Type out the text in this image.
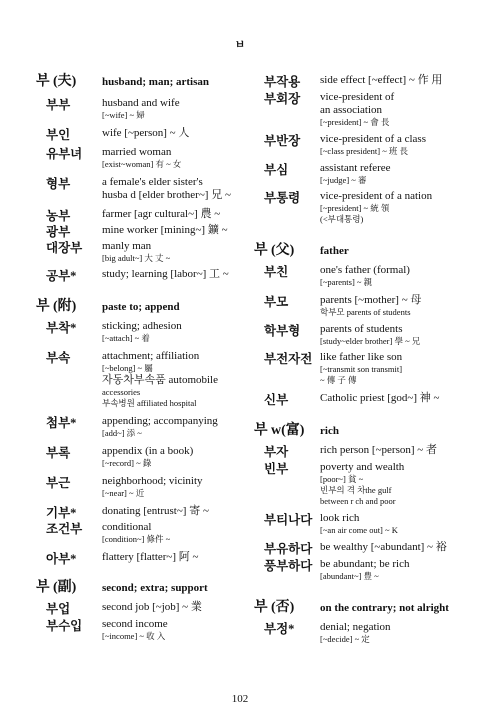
ㅂ
부 (夫)	husband; man; artisan
부부	husband and wife
[~wife] ~ 婦
부인	wife [~person] ~ 人
유부녀	married woman
[exist~woman] 有 ~ 女
형부	a female's elder sister's
husba d [elder brother~] 兄 ~
농부	farmer [agr cultural~] 農 ~
광부	mine worker [mining~] 鑛 ~
대장부	manly man
[big adult~] 大 丈 ~
공부*	study; learning [labor~] 工 ~
부 (附)	paste to; append
부착*	sticking; adhesion
[~attach] ~ 着
부속	attachment; affiliation
[~belong] ~ 屬
자동차부속품 automobile
accessories
부속병원 affiliated hospital
첨부*	appending; accompanying
[add~] 添 ~
부록	appendix (in a book)
[~record] ~ 錄
부근	neighborhood; vicinity
[~near] ~ 近
기부*	donating [entrust~] 寄 ~
조건부	conditional
[condition~] 條件 ~
아부*	flattery [flatter~] 阿 ~
부 (副)	second; extra; support
부업	second job [~job] ~ 業
부수입	second income
[~income] ~ 收 入
부작용	side effect [~effect] ~ 作 用
부회장	vice-president of
an association
[~president] ~ 會 長
부반장	vice-president of a class
[~class president] ~ 班 長
부심	assistant referee
[~judge] ~ 審
부통령	vice-president of a nation
[~president] ~ 統 領
(<부대통령)
부 (父)	father
부친	one's father (formal)
[~parents] ~ 親
부모	parents [~mother] ~ 母
학부모 parents of students
학부형	parents of students
[study~elder brother] 學 ~ 兄
부전자전 like father like son
[~transmit son transmit]
~ 傳 子 傳
신부	Catholic priest [god~] 神 ~
부 w(富)	rich
부자	rich person [~person] ~ 者
빈부	poverty and wealth
[poor~] 貧 ~
빈부의 격 차the gulf
between r ch and poor
부티나다 look rich
[~an air come out] ~ K
부유하다 be wealthy [~abundant] ~ 裕
풍부하다 be abundant; be rich
[abundant~] 豊 ~
부 (否)	on the contrary; not alright
부정*	denial; negation
[~decide] ~ 定
102
